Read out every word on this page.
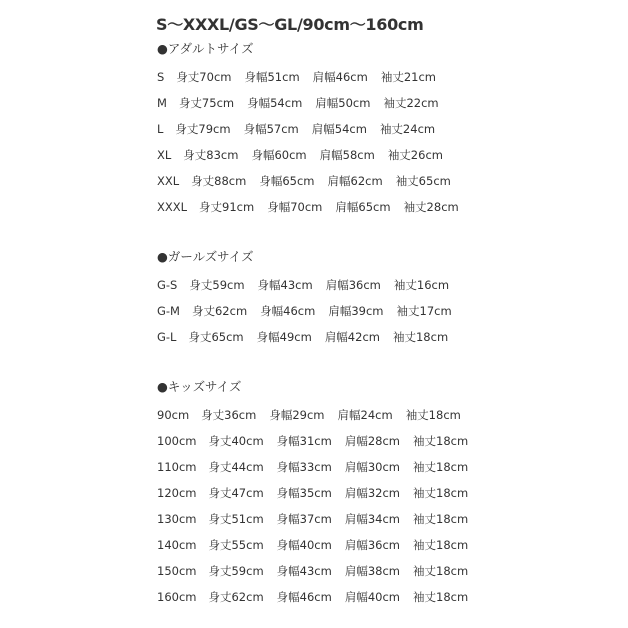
S〜XXXL/GS〜GL/90cm〜160cm
●アダルトサイズ
S 身丈70cm 身幅51cm 肩幅46cm 袖丈21cm
M 身丈75cm 身幅54cm 肩幅50cm 袖丈22cm
L 身丈79cm 身幅57cm 肩幅54cm 袖丈24cm
XL 身丈83cm 身幅60cm 肩幅58cm 袖丈26cm
XXL 身丈88cm 身幅65cm 肩幅62cm 袖丈65cm
XXXL 身丈91cm 身幅70cm 肩幅65cm 袖丈28cm
●ガールズサイズ
G-S 身丈59cm 身幅43cm 肩幅36cm 袖丈16cm
G-M 身丈62cm 身幅46cm 肩幅39cm 袖丈17cm
G-L 身丈65cm 身幅49cm 肩幅42cm 袖丈18cm
●キッズサイズ
90cm 身丈36cm 身幅29cm 肩幅24cm 袖丈18cm
100cm 身丈40cm 身幅31cm 肩幅28cm 袖丈18cm
110cm 身丈44cm 身幅33cm 肩幅30cm 袖丈18cm
120cm 身丈47cm 身幅35cm 肩幅32cm 袖丈18cm
130cm 身丈51cm 身幅37cm 肩幅34cm 袖丈18cm
140cm 身丈55cm 身幅40cm 肩幅36cm 袖丈18cm
150cm 身丈59cm 身幅43cm 肩幅38cm 袖丈18cm
160cm 身丈62cm 身幅46cm 肩幅40cm 袖丈18cm
